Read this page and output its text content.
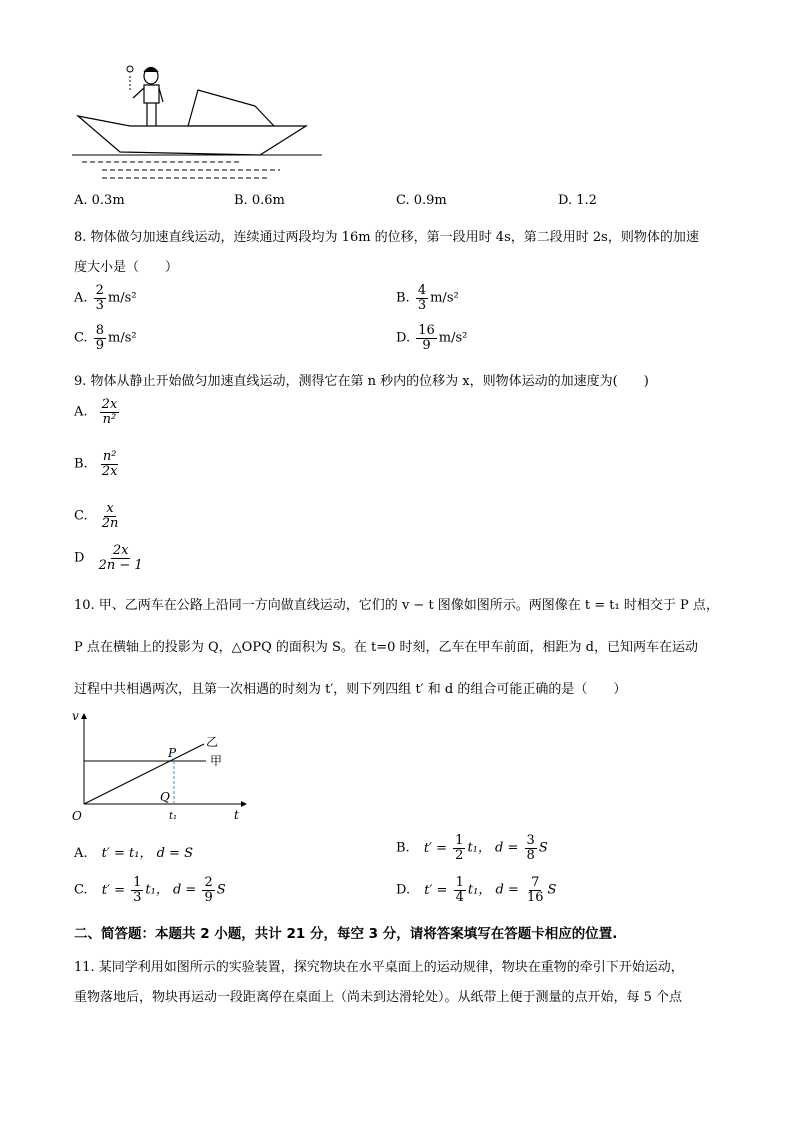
A. 0.3m	B. 0.6m	C. 0.9m	D. 1.2
8. 物体做匀加速直线运动，连续通过两段均为 16m 的位移，第一段用时 4s，第二段用时 2s，则物体的加速
度大小是（　　）
A. $\frac{2}{3} m/s^2$	B. $\frac{4}{3} m/s^2$
C. $\frac{8}{9} m/s^2$	D. $\frac{16}{9} m/s^2$
9. 物体从静止开始做匀加速直线运动，测得它在第 n 秒内的位移为 x，则物体运动的加速度为(　　)
A. $\frac{2x}{\text{n²}}$
B. $\frac{\text{n²}}{2x}$
C. $\frac{x}{2n}$
D $\frac{2x}{2n - 1}$
10. 甲、乙两车在公路上沿同一方向做直线运动，它们的 v − t 图像如图所示。两图像在 t = t₁ 时相交于 P 点，
P 点在横轴上的投影为 Q，△OPQ 的面积为 S。在 t=0 时刻，乙车在甲车前面，相距为 d，已知两车在运动
过程中共相遇两次，且第一次相遇的时刻为 t′，则下列四组 t′ 和 d 的组合可能正确的是（　　）
v
t
O
P
Q
t₁
乙
甲
A. t′ = t₁， d = S	B. $t' = \frac{1}{2} t_1$， $d = \frac{3}{8}$ S
C. $t' = \frac{1}{3} t_1$， $d = \frac{2}{9}$ S	D. $t' = \frac{1}{4} t_1$， $d = \frac{7}{16}$ S
二、简答题：本题共 2 小题，共计 21 分，每空 3 分，请将答案填写在答题卡相应的位置.
11. 某同学利用如图所示的实验装置，探究物块在水平桌面上的运动规律，物块在重物的牵引下开始运动，
重物落地后，物块再运动一段距离停在桌面上（尚未到达滑轮处）。从纸带上便于测量的点开始，每 5 个点
